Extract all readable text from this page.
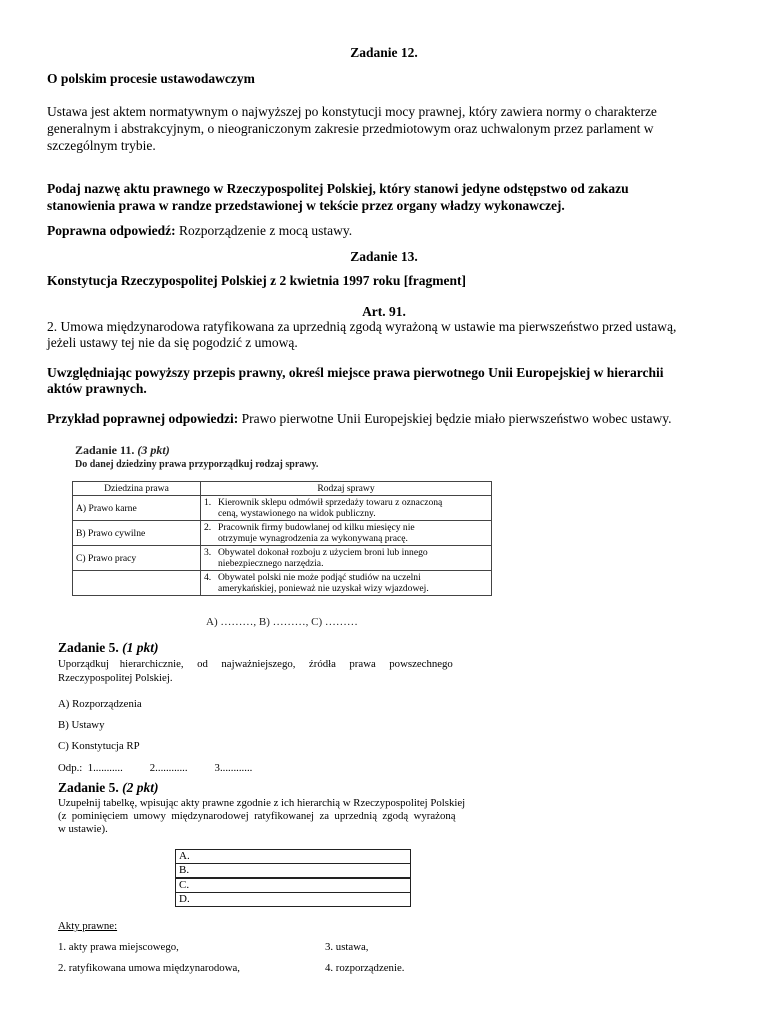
Zadanie 12.
O polskim procesie ustawodawczym
Ustawa jest aktem normatywnym o najwyższej po konstytucji mocy prawnej, który zawiera normy o charakterze
generalnym i abstrakcyjnym, o nieograniczonym zakresie przedmiotowym oraz uchwalonym przez parlament w
szczególnym trybie.
Podaj nazwę aktu prawnego w Rzeczypospolitej Polskiej, który stanowi jedyne odstępstwo od zakazu
stanowienia prawa w randze przedstawionej w tekście przez organy władzy wykonawczej.
Poprawna odpowiedź: Rozporządzenie z mocą ustawy.
Zadanie 13.
Konstytucja Rzeczypospolitej Polskiej z 2 kwietnia 1997 roku [fragment]
Art. 91.
2. Umowa międzynarodowa ratyfikowana za uprzednią zgodą wyrażoną w ustawie ma pierwszeństwo przed ustawą,
jeżeli ustawy tej nie da się pogodzić z umową.
Uwzględniając powyższy przepis prawny, określ miejsce prawa pierwotnego Unii Europejskiej w hierarchii
aktów prawnych.
Przykład poprawnej odpowiedzi: Prawo pierwotne Unii Europejskiej będzie miało pierwszeństwo wobec ustawy.
Zadanie 11. (3 pkt)
Do danej dziedziny prawa przyporządkuj rodzaj sprawy.
Dziedzina prawa	Rodzaj sprawy
A) Prawo karne	1. Kierownik sklepu odmówił sprzedaży towaru z oznaczoną
ceną, wystawionego na widok publiczny.

B) Prawo cywilne	2. Pracownik firmy budowlanej od kilku miesięcy nie
otrzymuje wynagrodzenia za wykonywaną pracę.

C) Prawo pracy	3. Obywatel dokonał rozboju z użyciem broni lub innego
niebezpiecznego narzędzia.

	4. Obywatel polski nie może podjąć studiów na uczelni
amerykańskiej, ponieważ nie uzyskał wizy wjazdowej.
A) ………, B) ………, C) ………
Zadanie 5. (1 pkt)
Uporządkuj    hierarchicznie,     od     najważniejszego,     źródła     prawa     powszechnego
Rzeczypospolitej Polskiej.
A) Rozporządzenia
B) Ustawy
C) Konstytucja RP
Odp.:  1...........          2............          3............
Zadanie 5. (2 pkt)
Uzupełnij tabelkę, wpisując akty prawne zgodnie z ich hierarchią w Rzeczypospolitej Polskiej
(z  pominięciem  umowy  międzynarodowej  ratyfikowanej  za  uprzednią  zgodą  wyrażoną
w ustawie).
A.
B.
C.
D.
Akty prawne:
1. akty prawa miejscowego,	3. ustawa,
2. ratyfikowana umowa międzynarodowa,	4. rozporządzenie.
